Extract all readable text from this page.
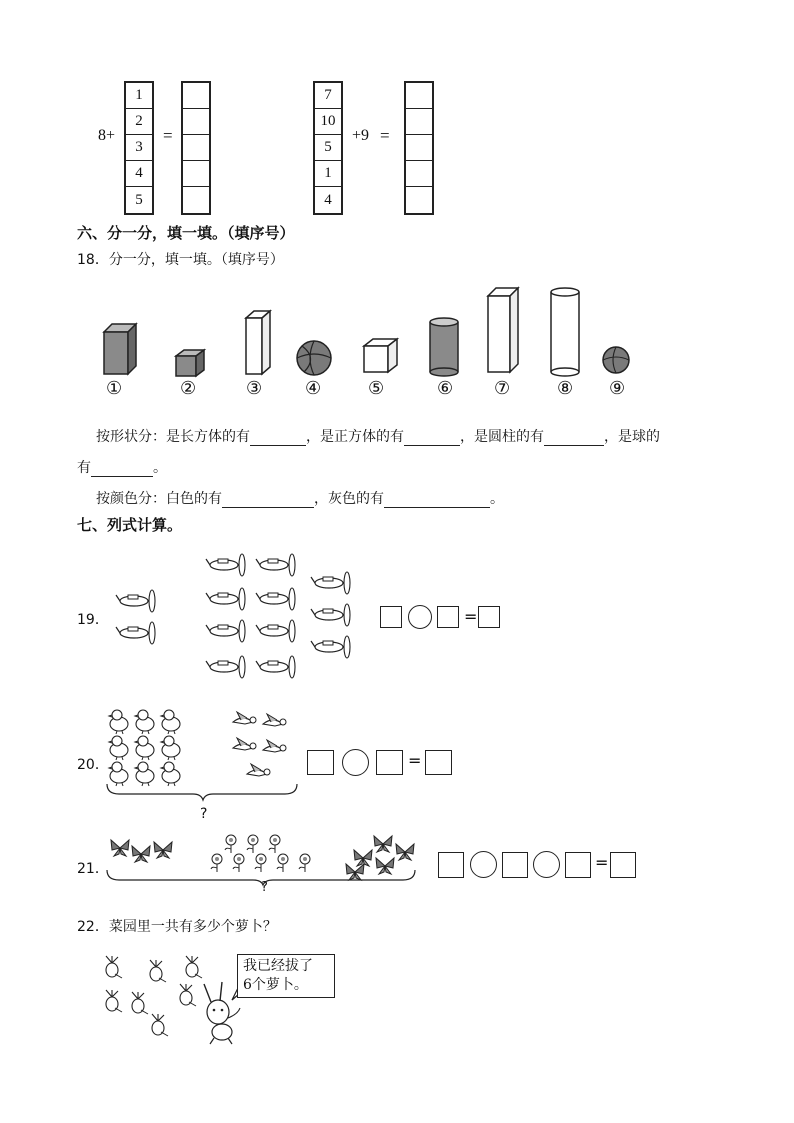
8+
1
2
3
4
5
=
7
10
5
1
4
+9 =
六、分一分，填一填。（填序号）
18．分一分，填一填。（填序号）
①	②	③ ④	⑤	⑥ ⑦	⑧ ⑨
按形状分：是长方体的有	，是正方体的有	，是圆柱的有	，是球的
有	。
按颜色分：白色的有	，灰色的有	。
七、列式计算。
19．	=
20．
?
=
21．
?
=
22．菜园里一共有多少个萝卜？
我已经拔了
6个萝卜。
